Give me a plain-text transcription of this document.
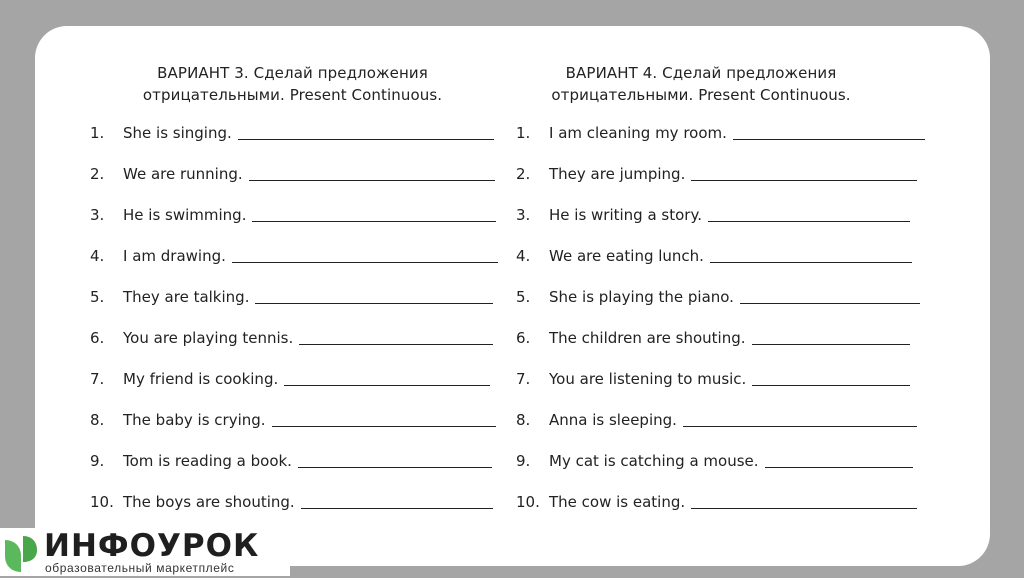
ВАРИАНТ 3. Сделай предложения
отрицательными. Present Continuous.
1.	She is singing.
2.	We are running.
3.	He is swimming.
4.	I am drawing.
5.	They are talking.
6.	You are playing tennis.
7.	My friend is cooking.
8.	The baby is crying.
9.	Tom is reading a book.
10. The boys are shouting.
ВАРИАНТ 4. Сделай предложения
отрицательными. Present Continuous.
1.	I am cleaning my room.
2.	They are jumping.
3.	He is writing a story.
4.	We are eating lunch.
5.	She is playing the piano.
6.	The children are shouting.
7.	You are listening to music.
8.	Anna is sleeping.
9.	My cat is catching a mouse.
10. The cow is eating.
ИНФОУРОК
образовательный маркетплейс
